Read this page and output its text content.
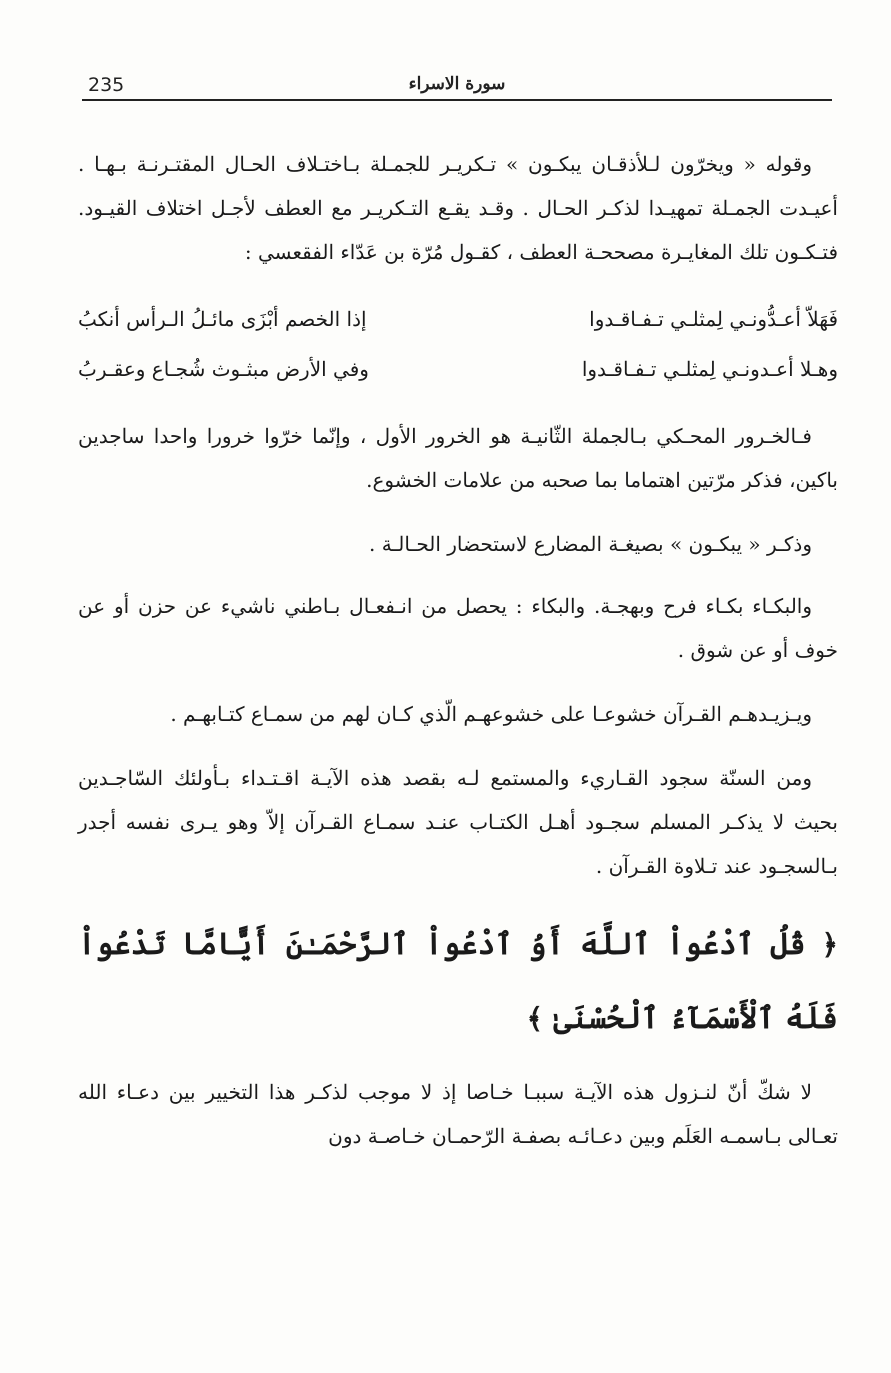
235	سورة الاسراء

وقوله « ويخرّون لـلأذقـان يبكـون » تـكريـر للجمـلة بـاختـلاف الحـال المقتـرنـة بـهـا . أعيـدت الجمـلة تمهيـدا لذكـر الحـال . وقـد يقـع التـكريـر مع العطف لأجـل اختلاف القيـود. فتـكـون تلك المغايـرة مصححـة العطف ، كقـول مُرّة بن عَدّاء الفقعسي :

فَهَلاّ أعـدُّونـي لِمثلـي تـفـاقـدوا
إذا الخصم أبْزَى مائـلُ الـرأس أنكبُ
وهـلا أعـدونـي لِمثلـي تـفـاقـدوا
وفي الأرض مبثـوث شُجـاع وعقـربُ

فـالخـرور المحـكي بـالجملة الثّانيـة هو الخرور الأول ، وإنّما خرّوا خرورا واحدا ساجدين باكين، فذكر مرّتين اهتماما بما صحبه من علامات الخشوع.

وذكـر « يبكـون » بصيغـة المضارع لاستحضار الحـالـة .

والبكـاء بكـاء فرح وبهجـة. والبكاء : يحصل من انـفعـال بـاطني ناشيء عن حزن أو عن خوف أو عن شوق .

ويـزيـدهـم القـرآن خشوعـا على خشوعهـم الّذي كـان لهم من سمـاع كتـابهـم .

ومن السنّة سجود القـاريء والمستمع لـه بقصد هذه الآيـة اقـتـداء بـأولئك السّاجـدين بحيث لا يذكـر المسلم سجـود أهـل الكتـاب عنـد سمـاع القـرآن إلاّ وهو يـرى نفسه أجدر بـالسجـود عند تـلاوة القـرآن .

﴿ قُلُ ٱدْعُواْ ٱللَّهَ أَوُ ٱدْعُواْ ٱلرَّحْمَـٰنَ أَيًّامَّا تَدْعُواْ فَلَهُ ٱلْأَسْمَآءُ ٱلْحُسْنَىٰ ﴾

لا شكّ أنّ لنـزول هذه الآيـة سببـا خـاصا إذ لا موجب لذكـر هذا التخيير بين دعـاء الله تعـالى بـاسمـه العَلَم وبين دعـائـه بصفـة الرّحمـان خـاصـة دون
